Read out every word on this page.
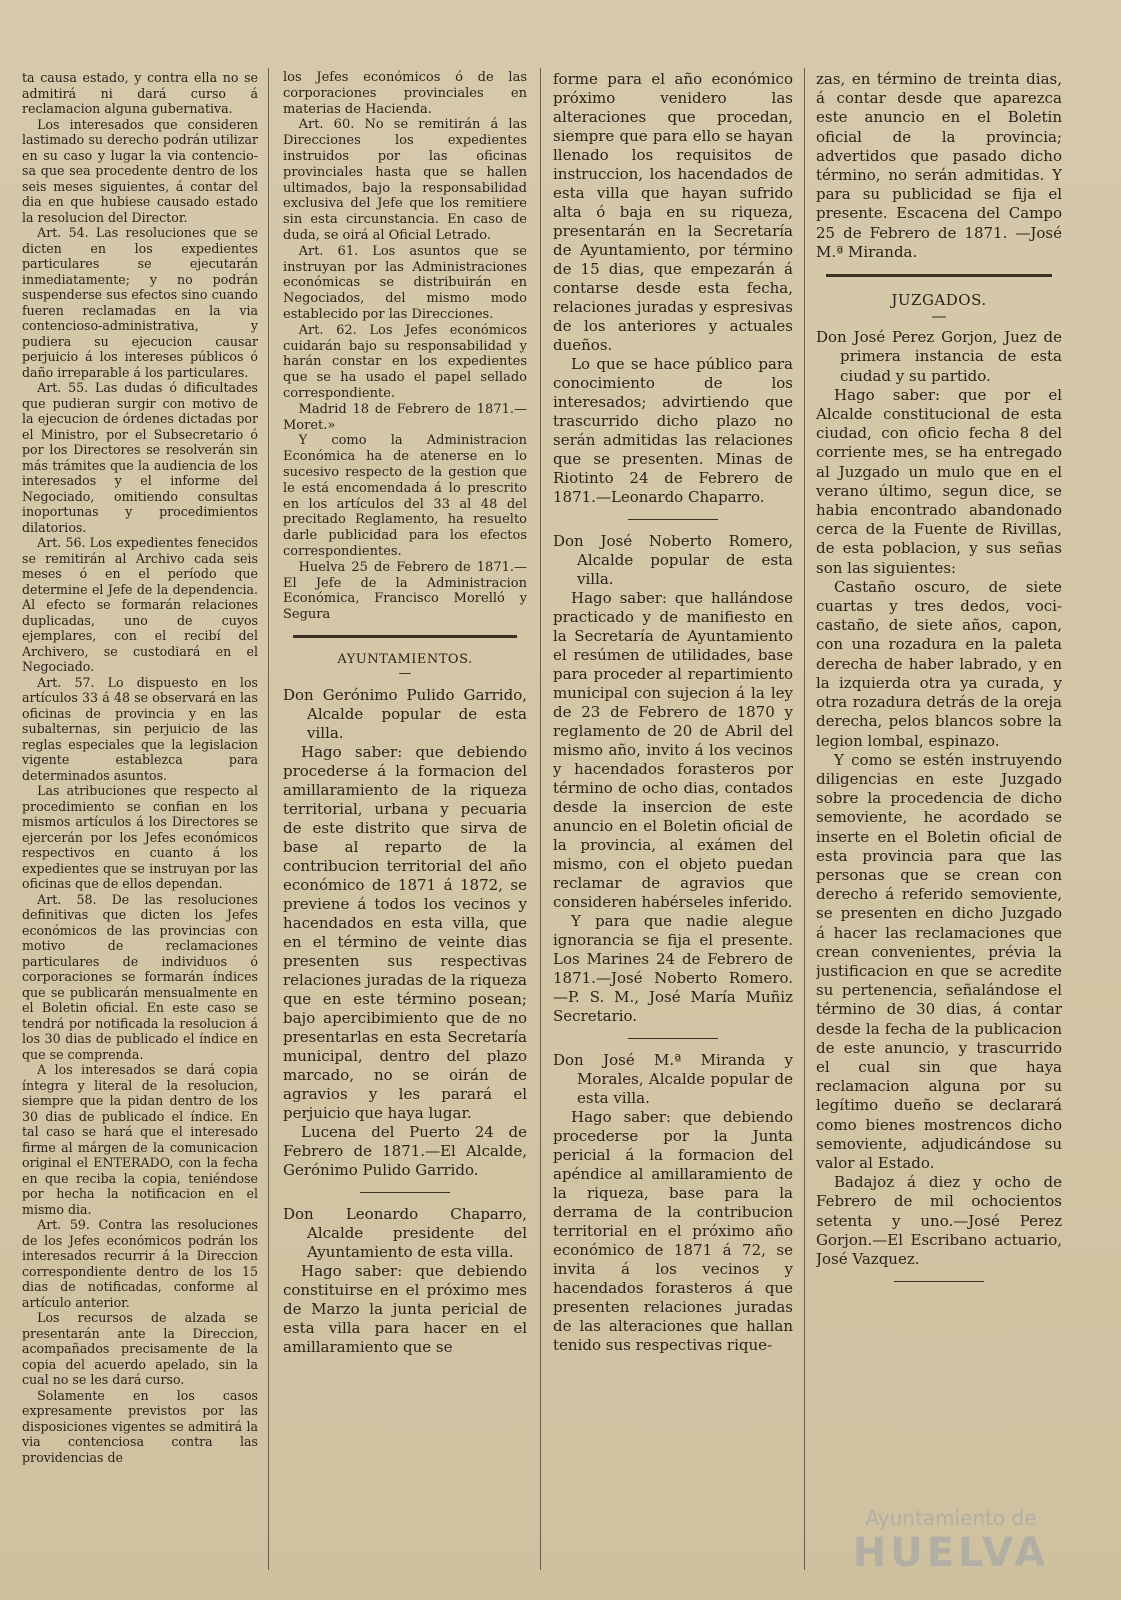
ta causa estado, y contra ella no se admitirá ni dará curso á reclamacion alguna gubernativa.

Los interesados que consideren lastimado su derecho podrán utilizar en su caso y lugar la via contencio-sa que sea procedente dentro de los seis meses siguientes, á contar del dia en que hubiese causado estado la resolucion del Director.

Art. 54. Las resoluciones que se dicten en los expedientes particulares se ejecutarán inmediatamente; y no podrán suspenderse sus efectos sino cuando fueren reclamadas en la via contencioso-administrativa, y pudiera su ejecucion causar perjuicio á los intereses públicos ó daño irreparable á los particulares.

Art. 55. Las dudas ó dificultades que pudieran surgir con motivo de la ejecucion de órdenes dictadas por el Ministro, por el Subsecretario ó por los Directores se resolverán sin más trámites que la audiencia de los interesados y el informe del Negociado, omitiendo consultas inoportunas y procedimientos dilatorios.

Art. 56. Los expedientes fenecidos se remitirán al Archivo cada seis meses ó en el período que determine el Jefe de la dependencia. Al efecto se formarán relaciones duplicadas, uno de cuyos ejemplares, con el recibí del Archivero, se custodiará en el Negociado.

Art. 57. Lo dispuesto en los artículos 33 á 48 se observará en las oficinas de provincia y en las subalternas, sin perjuicio de las reglas especiales que la legislacion vigente establezca para determinados asuntos.

Las atribuciones que respecto al procedimiento se confian en los mismos artículos á los Directores se ejercerán por los Jefes económicos respectivos en cuanto á los expedientes que se instruyan por las oficinas que de ellos dependan.

Art. 58. De las resoluciones definitivas que dicten los Jefes económicos de las provincias con motivo de reclamaciones particulares de individuos ó corporaciones se formarán índices que se publicarán mensualmente en el Boletin oficial. En este caso se tendrá por notificada la resolucion á los 30 dias de publicado el índice en que se comprenda.

A los interesados se dará copia íntegra y literal de la resolucion, siempre que la pidan dentro de los 30 dias de publicado el índice. En tal caso se hará que el interesado firme al márgen de la comunicacion original el ENTERADO, con la fecha en que reciba la copia, teniéndose por hecha la notificacion en el mismo dia.

Art. 59. Contra las resoluciones de los Jefes económicos podrán los interesados recurrir á la Direccion correspondiente dentro de los 15 dias de notificadas, conforme al artículo anterior.

Los recursos de alzada se presentarán ante la Direccion, acompañados precisamente de la copia del acuerdo apelado, sin la cual no se les dará curso.

Solamente en los casos expresamente previstos por las disposiciones vigentes se admitirá la via contenciosa contra las providencias de

los Jefes económicos ó de las corporaciones provinciales en materias de Hacienda.

Art. 60. No se remitirán á las Direcciones los expedientes instruidos por las oficinas provinciales hasta que se hallen ultimados, bajo la responsabilidad exclusiva del Jefe que los remitiere sin esta circunstancia. En caso de duda, se oirá al Oficial Letrado.

Art. 61. Los asuntos que se instruyan por las Administraciones económicas se distribuirán en Negociados, del mismo modo establecido por las Direcciones.

Art. 62. Los Jefes económicos cuidarán bajo su responsabilidad y harán constar en los expedientes que se ha usado el papel sellado correspondiente.

Madrid 18 de Febrero de 1871.—Moret.»

Y como la Administracion Económica ha de atenerse en lo sucesivo respecto de la gestion que le está encomendada á lo prescrito en los artículos del 33 al 48 del precitado Reglamento, ha resuelto darle publicidad para los efectos correspondientes.

Huelva 25 de Febrero de 1871.—El Jefe de la Administracion Económica, Francisco Morelló y Segura

AYUNTAMIENTOS.

—

Don Gerónimo Pulido Garrido, Alcalde popular de esta villa.

Hago saber: que debiendo procederse á la formacion del amillaramiento de la riqueza territorial, urbana y pecuaria de este distrito que sirva de base al reparto de la contribucion territorial del año económico de 1871 á 1872, se previene á todos los vecinos y hacendados en esta villa, que en el término de veinte dias presenten sus respectivas relaciones juradas de la riqueza que en este término posean; bajo apercibimiento que de no presentarlas en esta Secretaría municipal, dentro del plazo marcado, no se oirán de agravios y les parará el perjuicio que haya lugar.

Lucena del Puerto 24 de Febrero de 1871.—El Alcalde, Gerónimo Pulido Garrido.

Don Leonardo Chaparro, Alcalde presidente del Ayuntamiento de esta villa.

Hago saber: que debiendo constituirse en el próximo mes de Marzo la junta pericial de esta villa para hacer en el amillaramiento que se

forme para el año económico próximo venidero las alteraciones que procedan, siempre que para ello se hayan llenado los requisitos de instruccion, los hacendados de esta villa que hayan sufrido alta ó baja en su riqueza, presentarán en la Secretaría de Ayuntamiento, por término de 15 dias, que empezarán á contarse desde esta fecha, relaciones juradas y espresivas de los anteriores y actuales dueños.

Lo que se hace público para conocimiento de los interesados; advirtiendo que trascurrido dicho plazo no serán admitidas las relaciones que se presenten. Minas de Riotinto 24 de Febrero de 1871.—Leonardo Chaparro.

Don José Noberto Romero, Alcalde popular de esta villa.

Hago saber: que hallándose practicado y de manifiesto en la Secretaría de Ayuntamiento el resúmen de utilidades, base para proceder al repartimiento municipal con sujecion á la ley de 23 de Febrero de 1870 y reglamento de 20 de Abril del mismo año, invito á los vecinos y hacendados forasteros por término de ocho dias, contados desde la insercion de este anuncio en el Boletin oficial de la provincia, al exámen del mismo, con el objeto puedan reclamar de agravios que consideren habérseles inferido.

Y para que nadie alegue ignorancia se fija el presente. Los Marines 24 de Febrero de 1871.—José Noberto Romero.—P. S. M., José María Muñiz Secretario.

Don José M.ª Miranda y Morales, Alcalde popular de esta villa.

Hago saber: que debiendo procederse por la Junta pericial á la formacion del apéndice al amillaramiento de la riqueza, base para la derrama de la contribucion territorial en el próximo año económico de 1871 á 72, se invita á los vecinos y hacendados forasteros á que presenten relaciones juradas de las alteraciones que hallan tenido sus respectivas rique-

zas, en término de treinta dias, á contar desde que aparezca este anuncio en el Boletin oficial de la provincia; advertidos que pasado dicho término, no serán admitidas. Y para su publicidad se fija el presente. Escacena del Campo 25 de Febrero de 1871. —José M.ª Miranda.

JUZGADOS.

—

Don José Perez Gorjon, Juez de primera instancia de esta ciudad y su partido.

Hago saber: que por el Alcalde constitucional de esta ciudad, con oficio fecha 8 del corriente mes, se ha entregado al Juzgado un mulo que en el verano último, segun dice, se habia encontrado abandonado cerca de la Fuente de Rivillas, de esta poblacion, y sus señas son las siguientes:

Castaño oscuro, de siete cuartas y tres dedos, voci-castaño, de siete años, capon, con una rozadura en la paleta derecha de haber labrado, y en la izquierda otra ya curada, y otra rozadura detrás de la oreja derecha, pelos blancos sobre la legion lombal, espinazo.

Y como se estén instruyendo diligencias en este Juzgado sobre la procedencia de dicho semoviente, he acordado se inserte en el Boletin oficial de esta provincia para que las personas que se crean con derecho á referido semoviente, se presenten en dicho Juzgado á hacer las reclamaciones que crean convenientes, prévia la justificacion en que se acredite su pertenencia, señalándose el término de 30 dias, á contar desde la fecha de la publicacion de este anuncio, y trascurrido el cual sin que haya reclamacion alguna por su legítimo dueño se declarará como bienes mostrencos dicho semoviente, adjudicándose su valor al Estado.

Badajoz á diez y ocho de Febrero de mil ochocientos setenta y uno.—José Perez Gorjon.—El Escribano actuario, José Vazquez.

Ayuntamiento de
HUELVA
